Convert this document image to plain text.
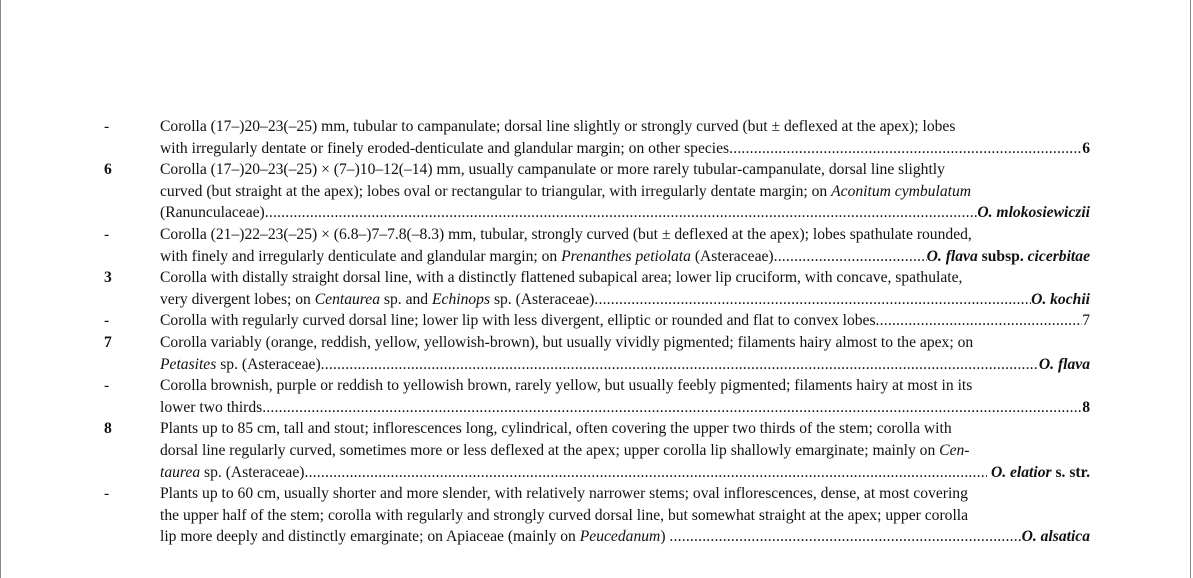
-	Corolla (17–)20–23(–25) mm, tubular to campanulate; dorsal line slightly or strongly curved (but ± deflexed at the apex); lobes
with irregularly dentate or finely eroded-denticulate and glandular margin; on other species .....	6
6	Corolla (17–)20–23(–25) × (7–)10–12(–14) mm, usually campanulate or more rarely tubular-campanulate, dorsal line slightly
curved (but straight at the apex); lobes oval or rectangular to triangular, with irregularly dentate margin; on Aconitum cymbulatum
(Ranunculaceae) .....	O. mlokosiewiczii
-	Corolla (21–)22–23(–25) × (6.8–)7–7.8(–8.3) mm, tubular, strongly curved (but ± deflexed at the apex); lobes spathulate rounded,
with finely and irregularly denticulate and glandular margin; on Prenanthes petiolata (Asteraceae) .....	O. flava subsp. cicerbitae
3	Corolla with distally straight dorsal line, with a distinctly flattened subapical area; lower lip cruciform, with concave, spathulate,
very divergent lobes; on Centaurea sp. and Echinops sp. (Asteraceae) .....	O. kochii
-	Corolla with regularly curved dorsal line; lower lip with less divergent, elliptic or rounded and flat to convex lobes .....	7
7	Corolla variably (orange, reddish, yellow, yellowish-brown), but usually vividly pigmented; filaments hairy almost to the apex; on
Petasites sp. (Asteraceae) .....	O. flava
-	Corolla brownish, purple or reddish to yellowish brown, rarely yellow, but usually feebly pigmented; filaments hairy at most in its
lower two thirds .....	8
8	Plants up to 85 cm, tall and stout; inflorescences long, cylindrical, often covering the upper two thirds of the stem; corolla with
dorsal line regularly curved, sometimes more or less deflexed at the apex; upper corolla lip shallowly emarginate; mainly on Cen-
taurea sp. (Asteraceae) .....	O. elatior s. str.
-	Plants up to 60 cm, usually shorter and more slender, with relatively narrower stems; oval inflorescences, dense, at most covering
the upper half of the stem; corolla with regularly and strongly curved dorsal line, but somewhat straight at the apex; upper corolla
lip more deeply and distinctly emarginate; on Apiaceae (mainly on Peucedanum) .....	O. alsatica
